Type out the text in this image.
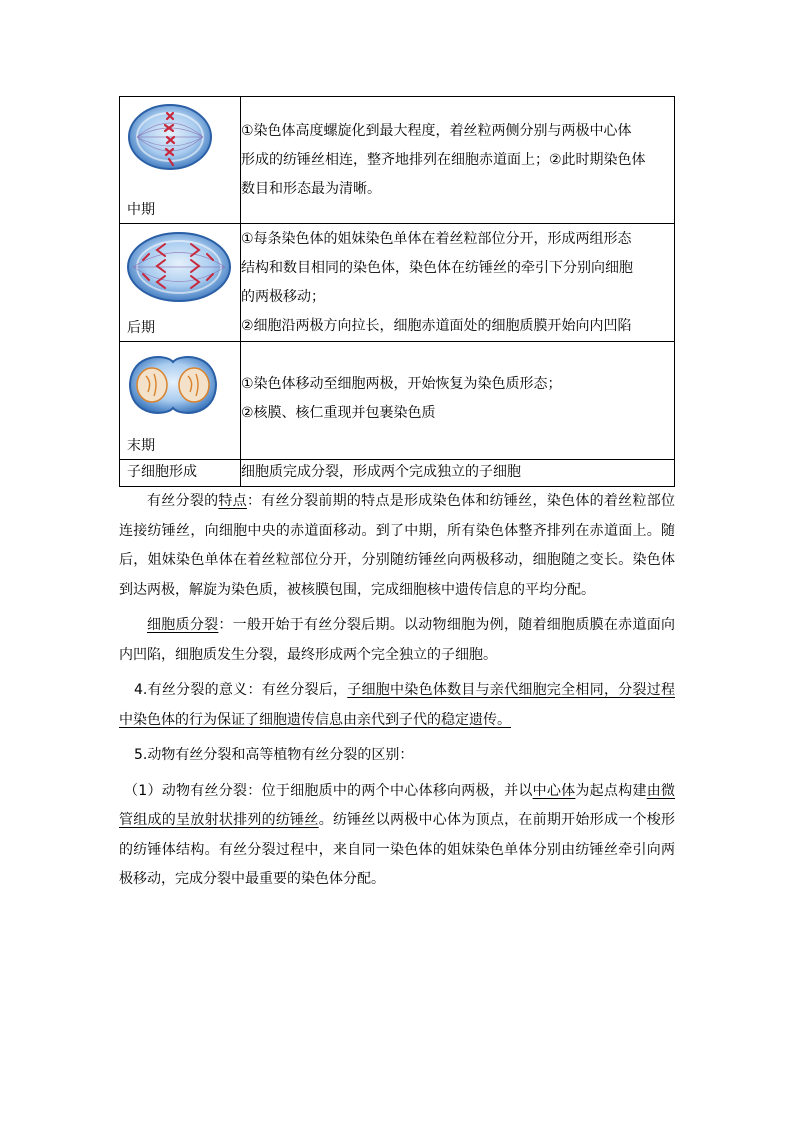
中期	①染色体高度螺旋化到最大程度，着丝粒两侧分别与两极中心体
形成的纺锤丝相连，整齐地排列在细胞赤道面上；②此时期染色体
数目和形态最为清晰。

后期	①每条染色体的姐妹染色单体在着丝粒部位分开，形成两组形态
结构和数目相同的染色体，染色体在纺锤丝的牵引下分别向细胞
的两极移动；
②细胞沿两极方向拉长，细胞赤道面处的细胞质膜开始向内凹陷

末期	①染色体移动至细胞两极，开始恢复为染色质形态；
②核膜、核仁重现并包裹染色质

子细胞形成	细胞质完成分裂，形成两个完成独立的子细胞

有丝分裂的特点：有丝分裂前期的特点是形成染色体和纺锤丝，染色体的着丝粒部位连接纺锤丝，向细胞中央的赤道面移动。到了中期，所有染色体整齐排列在赤道面上。随后，姐妹染色单体在着丝粒部位分开，分别随纺锤丝向两极移动，细胞随之变长。染色体到达两极，解旋为染色质，被核膜包围，完成细胞核中遗传信息的平均分配。

细胞质分裂：一般开始于有丝分裂后期。以动物细胞为例，随着细胞质膜在赤道面向内凹陷，细胞质发生分裂，最终形成两个完全独立的子细胞。

4.有丝分裂的意义：有丝分裂后，子细胞中染色体数目与亲代细胞完全相同，分裂过程中染色体的行为保证了细胞遗传信息由亲代到子代的稳定遗传。

5.动物有丝分裂和高等植物有丝分裂的区别：

（1）动物有丝分裂：位于细胞质中的两个中心体移向两极，并以中心体为起点构建由微管组成的呈放射状排列的纺锤丝。纺锤丝以两极中心体为顶点，在前期开始形成一个梭形的纺锤体结构。有丝分裂过程中，来自同一染色体的姐妹染色单体分别由纺锤丝牵引向两极移动，完成分裂中最重要的染色体分配。
